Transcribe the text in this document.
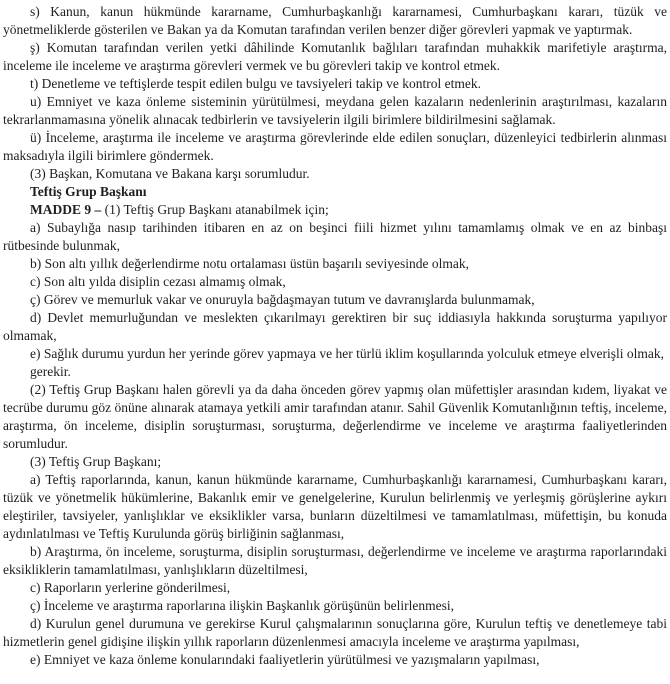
s) Kanun, kanun hükmünde kararname, Cumhurbaşkanlığı kararnamesi, Cumhurbaşkanı kararı, tüzük ve yönetmeliklerde gösterilen ve Bakan ya da Komutan tarafından verilen benzer diğer görevleri yapmak ve yaptırmak.

ş) Komutan tarafından verilen yetki dâhilinde Komutanlık bağlıları tarafından muhakkik marifetiyle araştırma, inceleme ile inceleme ve araştırma görevleri vermek ve bu görevleri takip ve kontrol etmek.

t) Denetleme ve teftişlerde tespit edilen bulgu ve tavsiyeleri takip ve kontrol etmek.

u) Emniyet ve kaza önleme sisteminin yürütülmesi, meydana gelen kazaların nedenlerinin araştırılması, kazaların tekrarlanmamasına yönelik alınacak tedbirlerin ve tavsiyelerin ilgili birimlere bildirilmesini sağlamak.

ü) İnceleme, araştırma ile inceleme ve araştırma görevlerinde elde edilen sonuçları, düzenleyici tedbirlerin alınması maksadıyla ilgili birimlere göndermek.

(3) Başkan, Komutana ve Bakana karşı sorumludur.

Teftiş Grup Başkanı

MADDE 9 – (1) Teftiş Grup Başkanı atanabilmek için;

a) Subaylığa nasıp tarihinden itibaren en az on beşinci fiili hizmet yılını tamamlamış olmak ve en az binbaşı rütbesinde bulunmak,

b) Son altı yıllık değerlendirme notu ortalaması üstün başarılı seviyesinde olmak,

c) Son altı yılda disiplin cezası almamış olmak,

ç) Görev ve memurluk vakar ve onuruyla bağdaşmayan tutum ve davranışlarda bulunmamak,

d) Devlet memurluğundan ve meslekten çıkarılmayı gerektiren bir suç iddiasıyla hakkında soruşturma yapılıyor olmamak,

e) Sağlık durumu yurdun her yerinde görev yapmaya ve her türlü iklim koşullarında yolculuk etmeye elverişli olmak,

gerekir.

(2) Teftiş Grup Başkanı halen görevli ya da daha önceden görev yapmış olan müfettişler arasından kıdem, liyakat ve tecrübe durumu göz önüne alınarak atamaya yetkili amir tarafından atanır. Sahil Güvenlik Komutanlığının teftiş, inceleme, araştırma, ön inceleme, disiplin soruşturması, soruşturma, değerlendirme ve inceleme ve araştırma faaliyetlerinden sorumludur.

(3) Teftiş Grup Başkanı;

a) Teftiş raporlarında, kanun, kanun hükmünde kararname, Cumhurbaşkanlığı kararnamesi, Cumhurbaşkanı kararı, tüzük ve yönetmelik hükümlerine, Bakanlık emir ve genelgelerine, Kurulun belirlenmiş ve yerleşmiş görüşlerine aykırı eleştiriler, tavsiyeler, yanlışlıklar ve eksiklikler varsa, bunların düzeltilmesi ve tamamlatılması, müfettişin, bu konuda aydınlatılması ve Teftiş Kurulunda görüş birliğinin sağlanması,

b) Araştırma, ön inceleme, soruşturma, disiplin soruşturması, değerlendirme ve inceleme ve araştırma raporlarındaki eksikliklerin tamamlatılması, yanlışlıkların düzeltilmesi,

c) Raporların yerlerine gönderilmesi,

ç) İnceleme ve araştırma raporlarına ilişkin Başkanlık görüşünün belirlenmesi,

d) Kurulun genel durumuna ve gerekirse Kurul çalışmalarının sonuçlarına göre, Kurulun teftiş ve denetlemeye tabi hizmetlerin genel gidişine ilişkin yıllık raporların düzenlenmesi amacıyla inceleme ve araştırma yapılması,

e) Emniyet ve kaza önleme konularındaki faaliyetlerin yürütülmesi ve yazışmaların yapılması,
